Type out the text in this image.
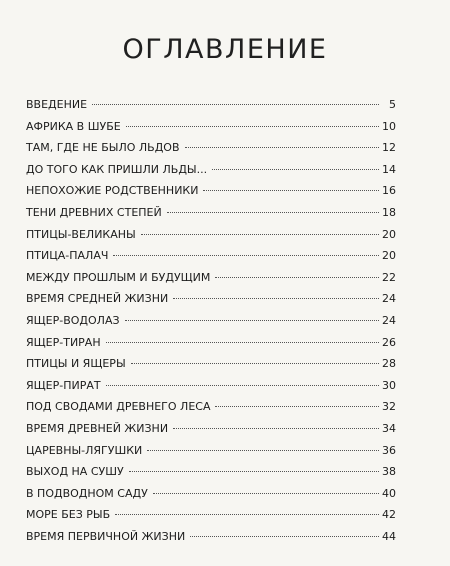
ОГЛАВЛЕНИЕ
ВВЕДЕНИЕ	5
АФРИКА В ШУБЕ	10
ТАМ, ГДЕ НЕ БЫЛО ЛЬДОВ	12
ДО ТОГО КАК ПРИШЛИ ЛЬДЫ...	14
НЕПОХОЖИЕ РОДСТВЕННИКИ	16
ТЕНИ ДРЕВНИХ СТЕПЕЙ	18
ПТИЦЫ-ВЕЛИКАНЫ	20
ПТИЦА-ПАЛАЧ	20
МЕЖДУ ПРОШЛЫМ И БУДУЩИМ	22
ВРЕМЯ СРЕДНЕЙ ЖИЗНИ	24
ЯЩЕР-ВОДОЛАЗ	24
ЯЩЕР-ТИРАН	26
ПТИЦЫ И ЯЩЕРЫ	28
ЯЩЕР-ПИРАТ	30
ПОД СВОДАМИ ДРЕВНЕГО ЛЕСА	32
ВРЕМЯ ДРЕВНЕЙ ЖИЗНИ	34
ЦАРЕВНЫ-ЛЯГУШКИ	36
ВЫХОД НА СУШУ	38
В ПОДВОДНОМ САДУ	40
МОРЕ БЕЗ РЫБ	42
ВРЕМЯ ПЕРВИЧНОЙ ЖИЗНИ	44
